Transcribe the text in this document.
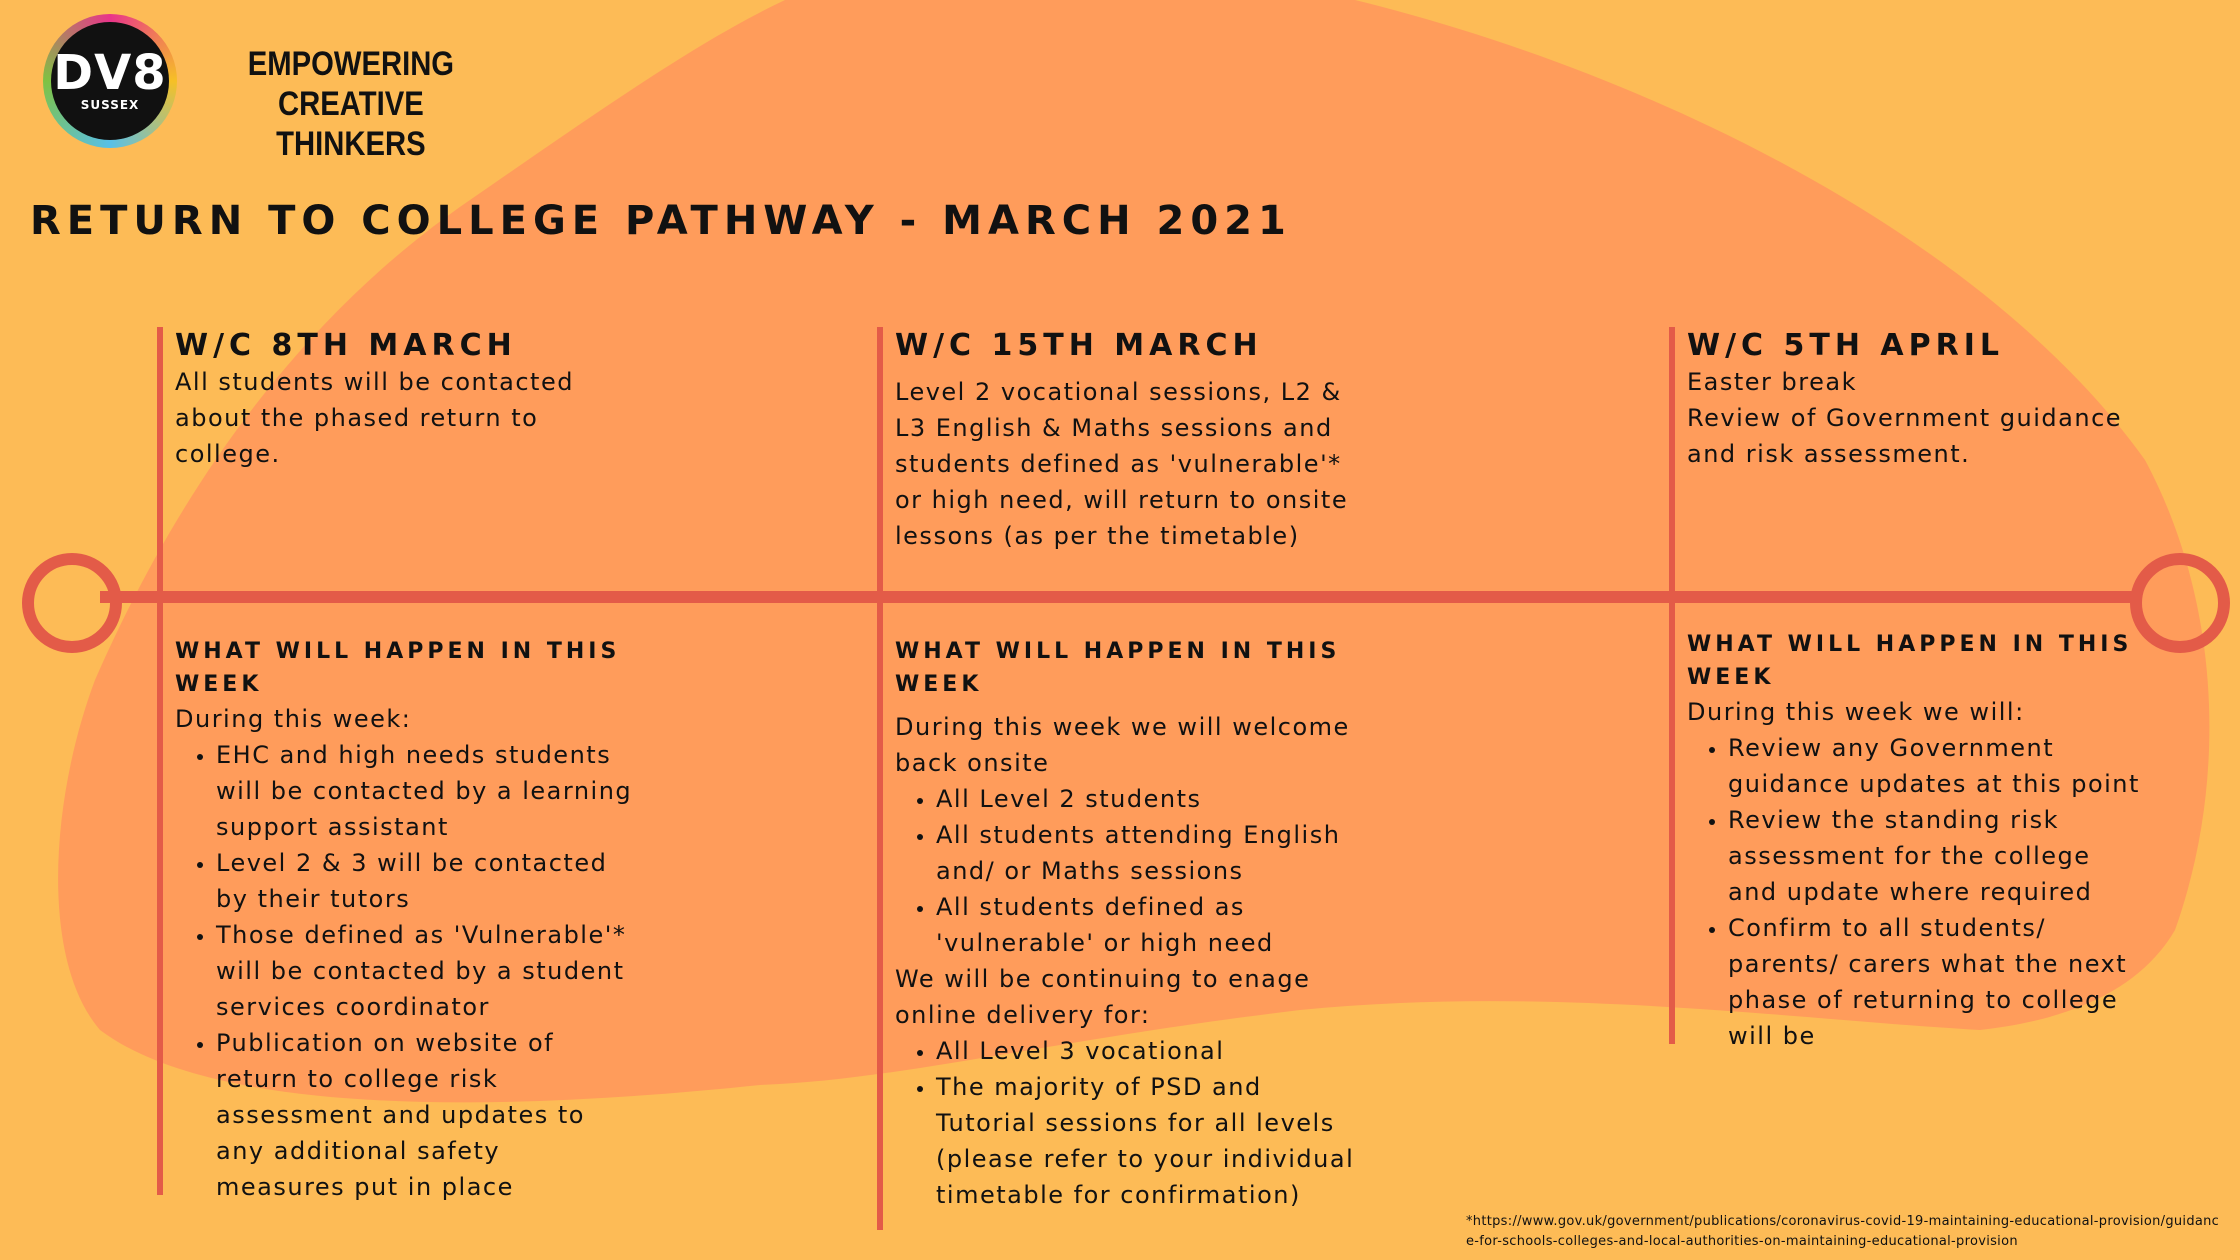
DV8
SUSSEX
EMPOWERING
CREATIVE THINKERS
RETURN TO COLLEGE PATHWAY - MARCH 2021
W/C 8TH MARCH

All students will be contacted

about the phased return to

college.

WHAT WILL HAPPEN IN THIS
WEEK

During this week:

• EHC and high needs students
will be contacted by a learning
support assistant
• Level 2 & 3 will be contacted
by their tutors
• Those defined as 'Vulnerable'*
will be contacted by a student
services coordinator
• Publication on website of
return to college risk
assessment and updates to
any additional safety
measures put in place
W/C 15TH MARCH

Level 2 vocational sessions, L2 &

L3 English & Maths sessions and

students defined as 'vulnerable'*

or high need, will return to onsite

lessons (as per the timetable)

WHAT WILL HAPPEN IN THIS
WEEK

During this week we will welcome

back onsite

• All Level 2 students
• All students attending English
and/ or Maths sessions
• All students defined as
'vulnerable' or high need

We will be continuing to enage

online delivery for:

• All Level 3 vocational
• The majority of PSD and
Tutorial sessions for all levels
(please refer to your individual
timetable for confirmation)
W/C 5TH APRIL

Easter break

Review of Government guidance

and risk assessment.

WHAT WILL HAPPEN IN THIS
WEEK

During this week we will:

• Review any Government
guidance updates at this point
• Review the standing risk
assessment for the college
and update where required
• Confirm to all students/
parents/ carers what the next
phase of returning to college
will be
*https://www.gov.uk/government/publications/coronavirus-covid-19-maintaining-educational-provision/guidance-for-schools-colleges-and-local-authorities-on-maintaining-educational-provision
